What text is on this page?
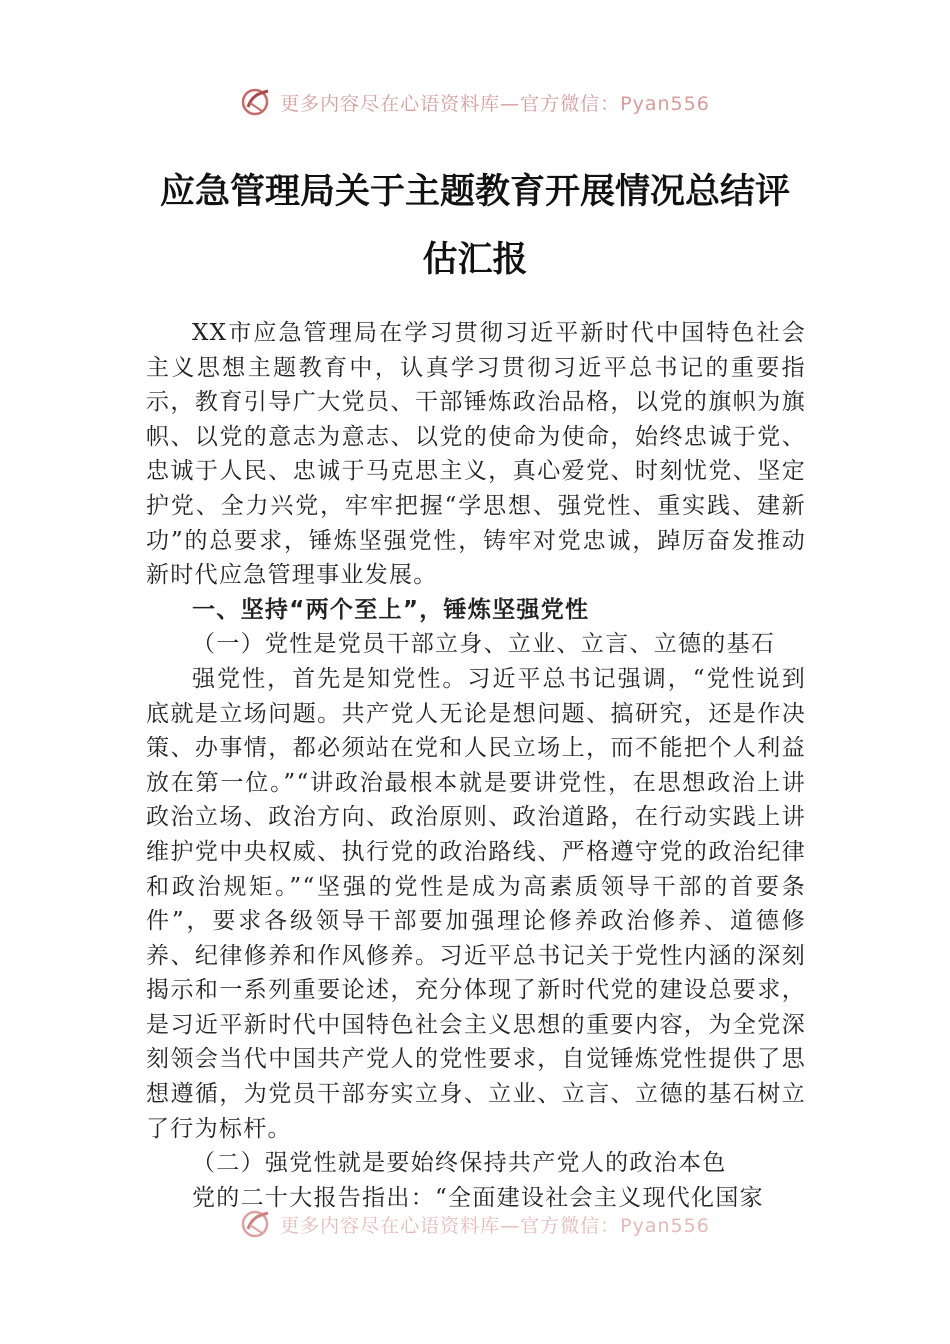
更多内容尽在心语资料库—官方微信：Pyan556
应急管理局关于主题教育开展情况总结评
估汇报

XX市应急管理局在学习贯彻习近平新时代中国特色社会主义思想主题教育中，认真学习贯彻习近平总书记的重要指示，教育引导广大党员、干部锤炼政治品格，以党的旗帜为旗帜、以党的意志为意志、以党的使命为使命，始终忠诚于党、忠诚于人民、忠诚于马克思主义，真心爱党、时刻忧党、坚定护党、全力兴党，牢牢把握“学思想、强党性、重实践、建新功”的总要求，锤炼坚强党性，铸牢对党忠诚，踔厉奋发推动新时代应急管理事业发展。

一、坚持“两个至上”，锤炼坚强党性
（一）党性是党员干部立身、立业、立言、立德的基石

强党性，首先是知党性。习近平总书记强调，“党性说到底就是立场问题。共产党人无论是想问题、搞研究，还是作决策、办事情，都必须站在党和人民立场上，而不能把个人利益放在第一位。”“讲政治最根本就是要讲党性，在思想政治上讲政治立场、政治方向、政治原则、政治道路，在行动实践上讲维护党中央权威、执行党的政治路线、严格遵守党的政治纪律和政治规矩。”“坚强的党性是成为高素质领导干部的首要条件”，要求各级领导干部要加强理论修养政治修养、道德修养、纪律修养和作风修养。习近平总书记关于党性内涵的深刻揭示和一系列重要论述，充分体现了新时代党的建设总要求，是习近平新时代中国特色社会主义思想的重要内容，为全党深刻领会当代中国共产党人的党性要求，自觉锤炼党性提供了思想遵循，为党员干部夯实立身、立业、立言、立德的基石树立了行为标杆。

（二）强党性就是要始终保持共产党人的政治本色

党的二十大报告指出：“全面建设社会主义现代化国家

更多内容尽在心语资料库—官方微信：Pyan556
